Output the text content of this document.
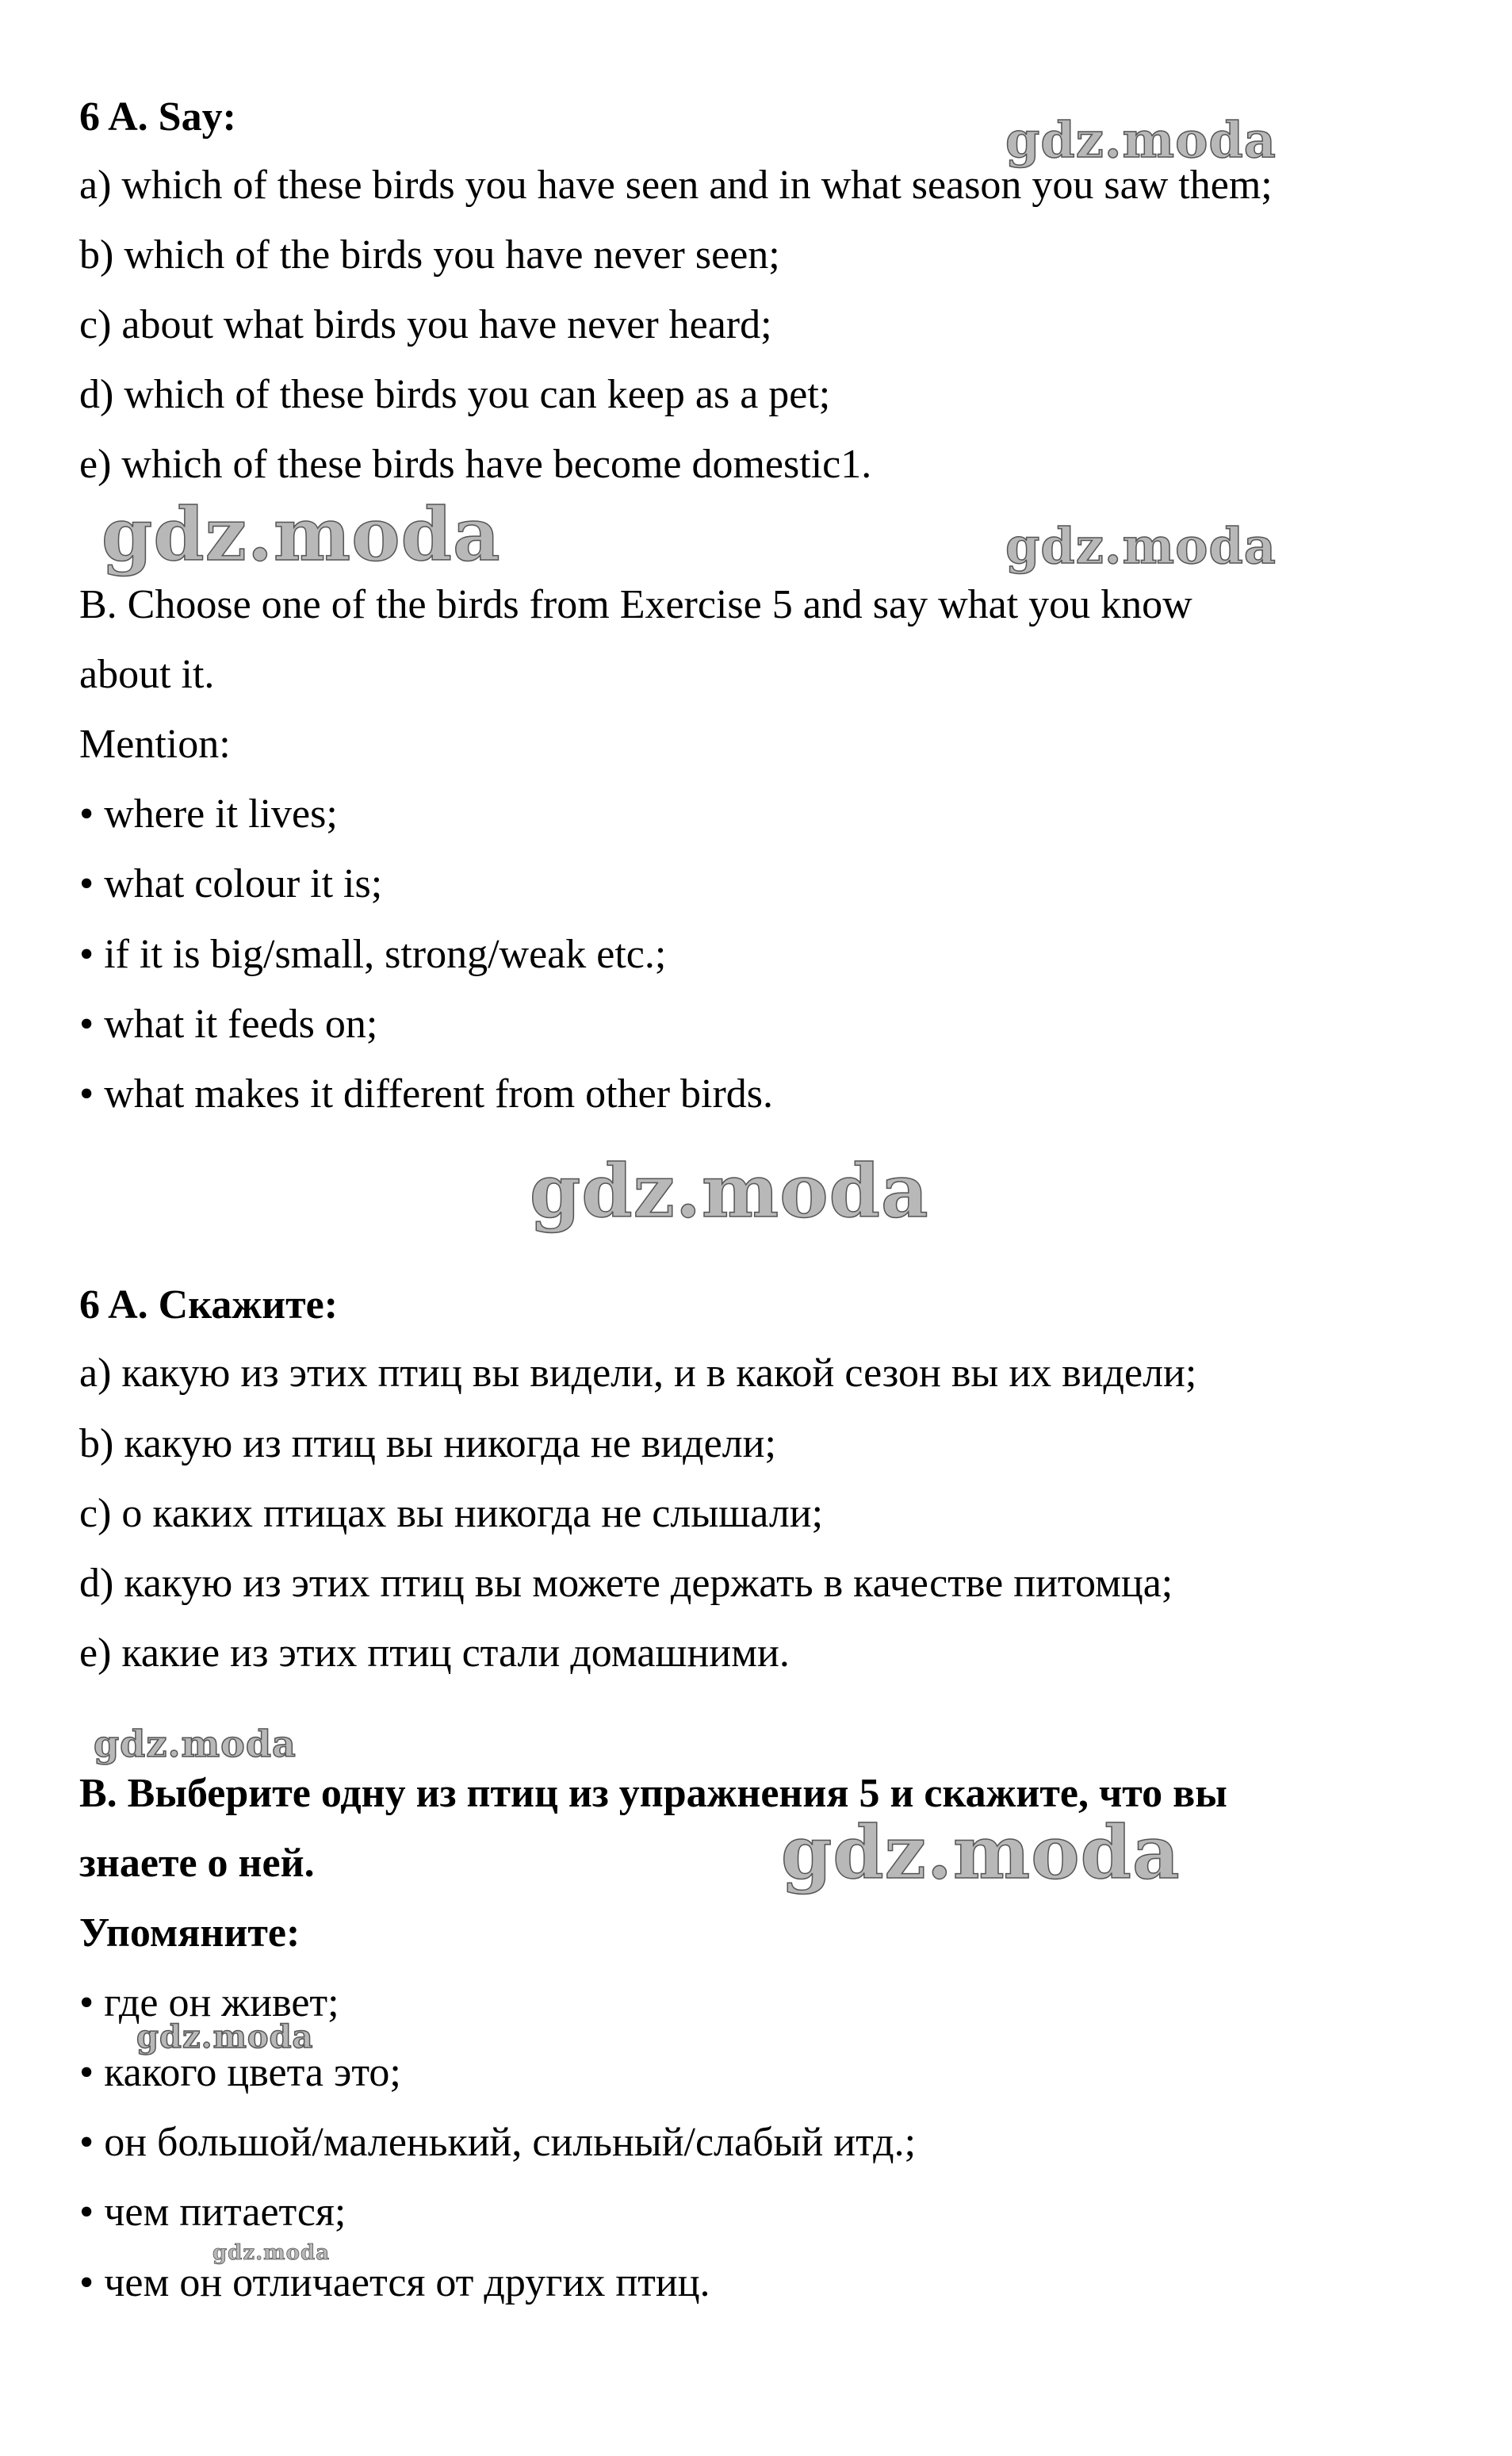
6 A. Say:
a) which of these birds you have seen and in what season you saw them;
b) which of the birds you have never seen;
c) about what birds you have never heard;
d) which of these birds you can keep as a pet;
e) which of these birds have become domestic1.
B. Choose one of the birds from Exercise 5 and say what you know
about it.
Mention:
• where it lives;
• what colour it is;
• if it is big/small, strong/weak etc.;
• what it feeds on;
• what makes it different from other birds.
6 A. Скажите:
a) какую из этих птиц вы видели, и в какой сезон вы их видели;
b) какую из птиц вы никогда не видели;
c) о каких птицах вы никогда не слышали;
d) какую из этих птиц вы можете держать в качестве питомца;
e) какие из этих птиц стали домашними.
B. Выберите одну из птиц из упражнения 5 и скажите, что вы
знаете о ней.
Упомяните:
• где он живет;
• какого цвета это;
• он большой/маленький, сильный/слабый итд.;
• чем питается;
• чем он отличается от других птиц.
gdz.moda
gdz.moda	gdz.moda
gdz.moda
gdz.moda
gdz.moda
gdz.moda
gdz.moda
